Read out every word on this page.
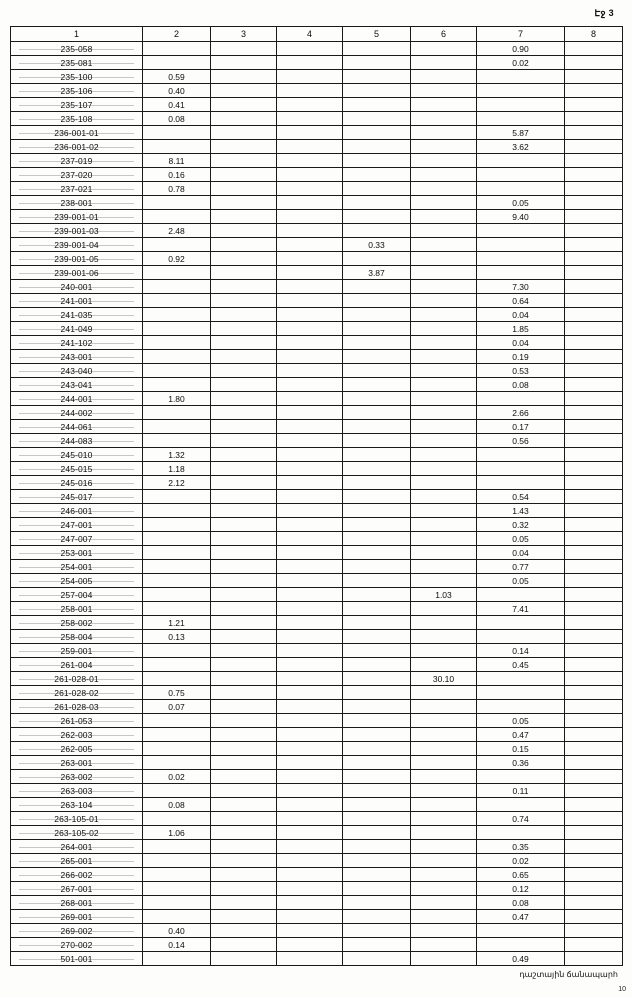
Էջ 3
1	2	3	4	5	6	7	8
235-058						0.90	
235-081						0.02	
235-100	0.59						
235-106	0.40						
235-107	0.41						
235-108	0.08						
236-001-01						5.87	
236-001-02						3.62	
237-019	8.11						
237-020	0.16						
237-021	0.78						
238-001						0.05	
239-001-01						9.40	
239-001-03	2.48						
239-001-04				0.33			
239-001-05	0.92						
239-001-06				3.87			
240-001						7.30	
241-001						0.64	
241-035						0.04	
241-049						1.85	
241-102						0.04	
243-001						0.19	
243-040						0.53	
243-041						0.08	
244-001	1.80						
244-002						2.66	
244-061						0.17	
244-083						0.56	
245-010	1.32						
245-015	1.18						
245-016	2.12						
245-017						0.54	
246-001						1.43	
247-001						0.32	
247-007						0.05	
253-001						0.04	
254-001						0.77	
254-005						0.05	
257-004					1.03		
258-001						7.41	
258-002	1.21						
258-004	0.13						
259-001						0.14	
261-004						0.45	
261-028-01					30.10		
261-028-02	0.75						
261-028-03	0.07						
261-053						0.05	
262-003						0.47	
262-005						0.15	
263-001						0.36	
263-002	0.02						
263-003						0.11	
263-104	0.08						
263-105-01						0.74	
263-105-02	1.06						
264-001						0.35	
265-001						0.02	
266-002						0.65	
267-001						0.12	
268-001						0.08	
269-001						0.47	
269-002	0.40						
270-002	0.14						
501-001						0.49	
դաշտային ճանապարհ
10
